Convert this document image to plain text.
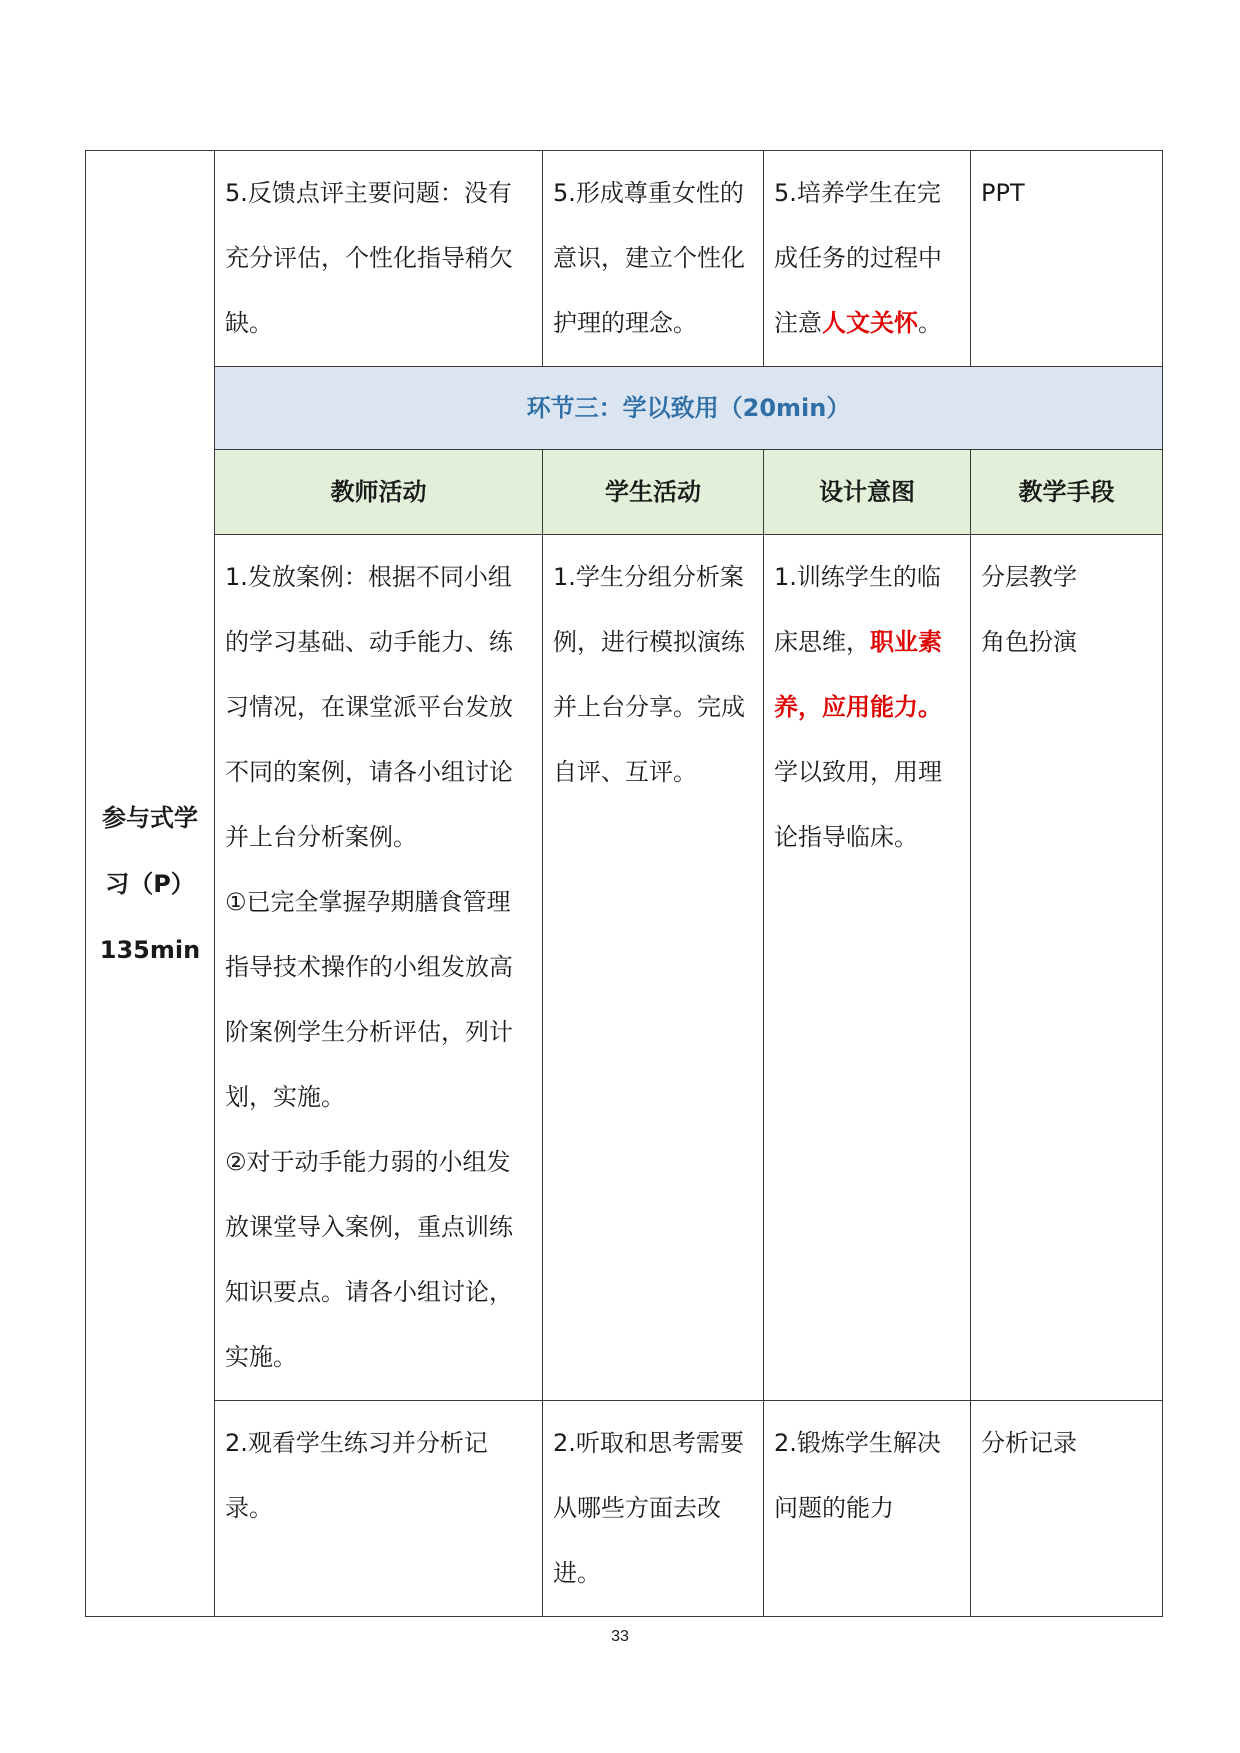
参与式学
习（P）
135min	5.反馈点评主要问题：没有充分评估，个性化指导稍欠缺。	5.形成尊重女性的意识，建立个性化护理的理念。	5.培养学生在完成任务的过程中注意人文关怀。	PPT
	环节三：学以致用（20min）			
	教师活动	学生活动	设计意图	教学手段

	1.发放案例：根据不同小组的学习基础、动手能力、练习情况，在课堂派平台发放不同的案例，请各小组讨论并上台分析案例。
①已完全掌握孕期膳食管理指导技术操作的小组发放高阶案例学生分析评估，列计划，实施。
②对于动手能力弱的小组发放课堂导入案例，重点训练知识要点。请各小组讨论，实施。	1.学生分组分析案例，进行模拟演练并上台分享。完成自评、互评。	1.训练学生的临床思维，职业素养，应用能力。学以致用，用理论指导临床。	分层教学
角色扮演

	2.观看学生练习并分析记录。	2.听取和思考需要从哪些方面去改进。	2.锻炼学生解决问题的能力	分析记录
33
